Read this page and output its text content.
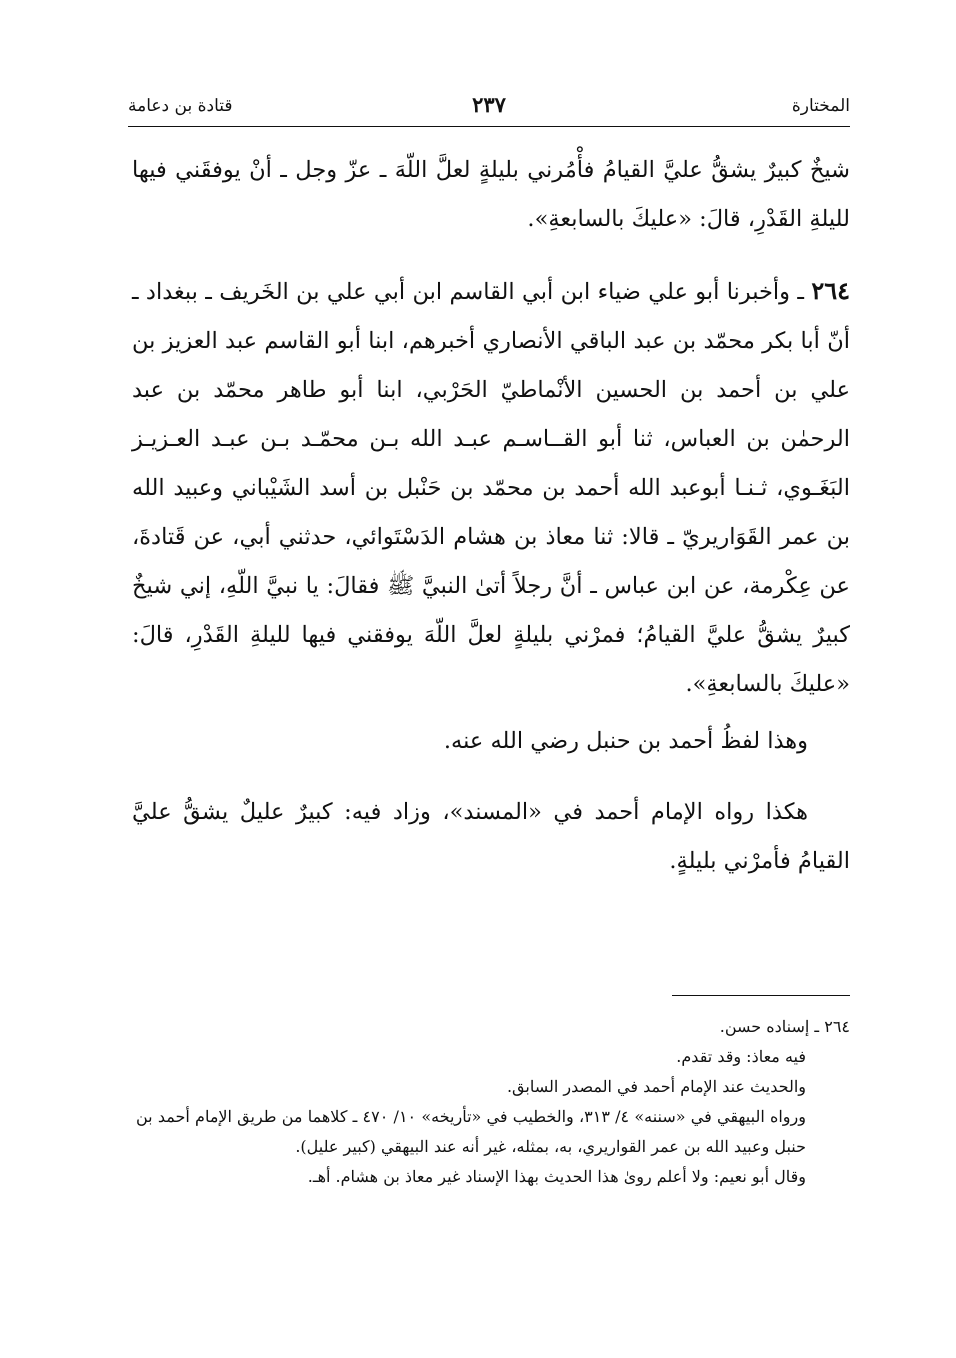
المختارة
٢٣٧
قتادة بن دعامة

شيخٌ كبيرٌ يشقُّ عليَّ القيامُ فأْمُرني بليلةٍ لعلَّ اللّهَ ـ عزّ وجل ـ أنْ يوفقَني فيها لليلةِ القَدْرِ، قالَ: «عليكَ بالسابعةِ».

٢٦٤ ـ وأخبرنا أبو علي ضياء ابن أبي القاسم ابن أبي علي بن الخَريف ـ ببغداد ـ أنّ أبا بكر محمّد بن عبد الباقي الأنصاري أخبرهم، ابنا أبو القاسم عبد العزيز بن علي بن أحمد بن الحسين الأنْماطيّ الحَرْبي، ابنا أبو طاهر محمّد بن عبد الرحمٰن بن العباس، ثنا أبو القــاسـم عبـد الله بـن محمّـد بـن عبـد العـزيـز البَغَـوي، ثـنـا أبوعبد الله أحمد بن محمّد بن حَنْبل بن أسد الشَيْباني وعبيد الله بن عمر القَوَاريريّ ـ قالا: ثنا معاذ بن هشام الدَسْتَوائي، حدثني أبي، عن قَتادةَ، عن عِكْرمة، عن ابن عباس ـ أنَّ رجلاً أتىٰ النبيَّ ﷺ فقالَ: يا نبيَّ اللّهِ، إني شيخٌ كبيرٌ يشقُّ عليَّ القيامُ؛ فمرْني بليلةٍ لعلَّ اللّهَ يوفقني فيها لليلةِ القَدْرِ، قالَ: «عليكَ بالسابعةِ».

وهذا لفظُ أحمد بن حنبل رضي الله عنه.

هكذا رواه الإمام أحمد في «المسند»، وزاد فيه: كبيرٌ عليلٌ يشقُّ عليَّ القيامُ فأمرْني بليلةٍ.

٢٦٤ ـ إسناده حسن.

فيه معاذ: وقد تقدم.

والحديث عند الإمام أحمد في المصدر السابق.

ورواه البيهقي في «سننه» ٤/ ٣١٣، والخطيب في «تأريخه» ١٠/ ٤٧٠ ـ كلاهما من طريق الإمام أحمد بن حنبل وعبيد الله بن عمر القواريري، به، بمثله، غير أنه عند البيهقي (كبير عليل).

وقال أبو نعيم: ولا أعلم روىٰ هذا الحديث بهذا الإسناد غير معاذ بن هشام. أهـ.
